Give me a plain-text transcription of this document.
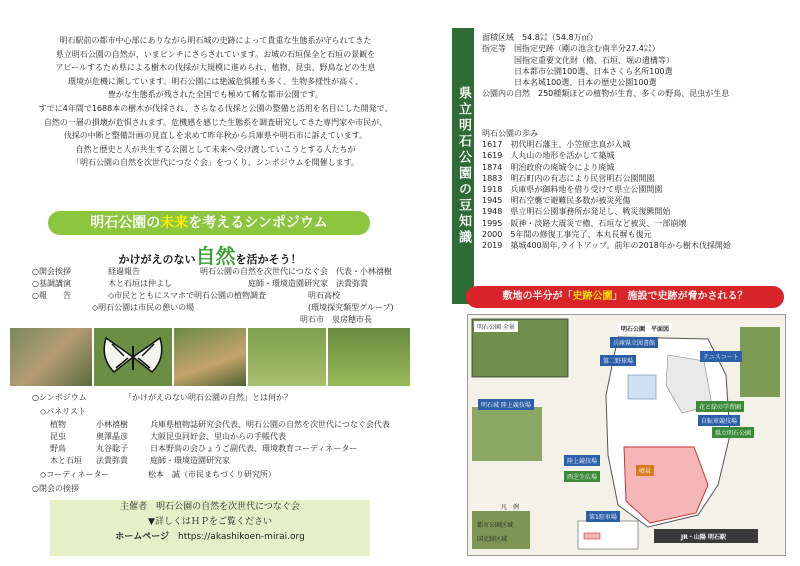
明石駅前の都市中心部にありながら明石城の史跡によって貴重な生態系が守られてきた
県立明石公園の自然が、いまピンチにさらされています。お城の石垣保全と石垣の景観を
アピールするため県による樹木の伐採が大規模に進められ、植物、昆虫、野鳥などの生息
環境が危機に瀕しています。明石公園には絶滅危惧種も多く、生物多様性が高く、
豊かな生態系が残された全国でも極めて稀な都市公園です。
すでに4年間で1688本の樹木が伐採され、さらなる伐採と公園の整備と活用を名目にした開発で、
自然の一層の損壊が危惧されます。危機感を感じた生態系を調査研究してきた専門家や市民が、
伐採の中断と整備計画の見直しを求めて昨年秋から兵庫県や明石市に訴えています。
自然と歴史と人が共生する公園として未来へ受け渡していこうとする人たちが
「明石公園の自然を次世代につなぐ会」をつくり、シンポジウムを開催します。
明石公園の未来を考えるシンポジウム
かけがえのない自然を活かそう！
○開会挨拶	経過報告	明石公園の自然を次世代につなぐ会　代表・小林禧樹
○基調講演	木と石垣は仲よし	庭師・環境造園研究家　法貴弥貴
○報　　告	◇市民とともにスマホで明石公園の植物調査	明石高校
(環境探究類型グループ)
◇明石公園は市民の憩いの場
明石市　泉房穂市長
○シンポジウム	「かけがえのない明石公園の自然」とは何か？
◇パネリスト
植物	小林禧樹	兵庫県植物誌研究会代表、明石公園の自然を次世代につなぐ会代表
昆虫	奥澤晶彦	大阪昆虫同好会、里山からの手帳代表
野鳥	丸谷聡子	日本野鳥の会ひょうご副代表、環境教育コーディネーター
木と石垣 法貴弥貴	庭師・環境造園研究家
◇コーディネーター	松本　誠（市民まちづくり研究所）
○閉会の挨拶
主催者　明石公園の自然を次世代につなぐ会
▼詳しくはＨＰをご覧ください
ホームページ　 https://akashikoen-mirai.org
県立明石公園の豆知識
面積区域　54.8㌶（54.8万㎡）
指定等　国指定史跡（剛の池含む南半分27.4㌶）
　　　　国指定重要文化財（櫓、石垣、堀の遺構等）
　　　　日本都市公園100選、日本さくら名所100選
　　　　日本名城100選、日本の歴史公園100選
公園内の自然　250種類ほどの植物が生育、多くの野鳥、昆虫が生息
明石公園の歩み
1617　 初代明石藩主、小笠原忠真が入城
1619　 人丸山の地形を活かして築城
1874　 明治政府の廃城令により廃城
1883　 明石町内の有志により民営明石公園開園
1918　 兵庫県が御料地を借り受けて県立公園開園
1945　 明石空襲で避難民多数が被災死傷
1948　 県立明石公園事務所が発足し、戦災復興開始
1995　 阪神・淡路大震災で櫓、石垣など被災、一部崩壊
2000　 5年間の修復工事完了、本丸長塀も復元
2019　 築城400周年,ライトアップ。前年の2018年から樹木伐採開始
敷地の半分が「史跡公園」　施設で史跡が脅かされる？
明石公園 全景	明石公園　平面図
兵庫県立図書館
第二野球場
テニスコート
明石城 陸上競技場	花と緑の学習園
自転車競技場
県立明石公園
噴泉
陸上競技場
西芝生広場
第1駐車場
JR・山陽 明石駅
凡　例
都市公園区域
国史跡区域
